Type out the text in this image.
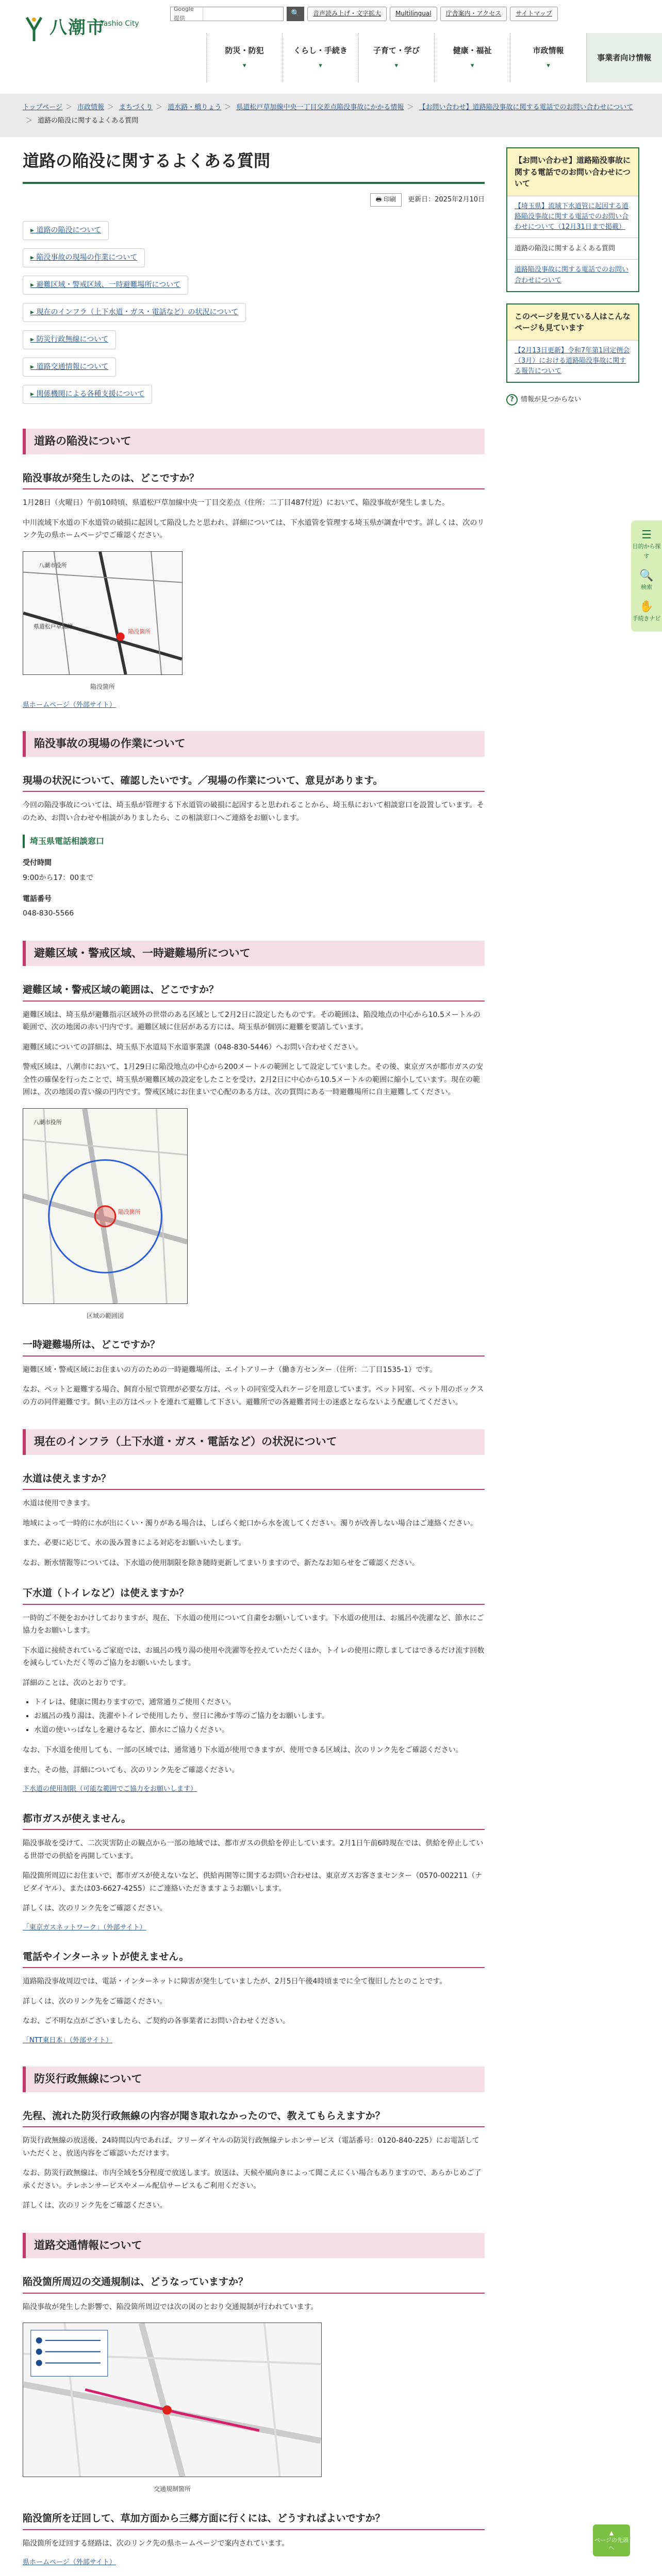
八潮市
Yashio City
Google 提供
🔍	音声読み上げ・文字拡大	Multilingual	庁舎案内・アクセス	サイトマップ
防災・防犯
▾
くらし・手続き
▾
子育て・学び
▾
健康・福祉
▾
市政情報
▾
事業者向け情報
トップページ ＞ 市政情報 ＞ まちづくり ＞ 道水路・橋りょう ＞ 県道松戸草加線中央一丁目交差点陥没事故にかかる情報 ＞ 【お問い合わせ】道路陥没事故に関する電話でのお問い合わせについて＞ 道路の陥没に関するよくある質問
道路の陥没に関するよくある質問
🖶 印刷 更新日：2025年2月10日
▸ 道路の陥没について
▸ 陥没事故の現場の作業について
▸ 避難区域・警戒区域、一時避難場所について
▸ 現在のインフラ（上下水道・ガス・電話など）の状況について
▸ 防災行政無線について
▸ 道路交通情報について
▸ 関係機関による各種支援について
道路の陥没について
陥没事故が発生したのは、どこですか？

1月28日（火曜日）午前10時頃、県道松戸草加線中央一丁目交差点（住所：二丁目487付近）において、陥没事故が発生しました。

中川流域下水道の下水道管の破損に起因して陥没したと思われ、詳細については、下水道管を管理する埼玉県が調査中です。詳しくは、次のリンク先の県ホームページでご確認ください。

八潮市役所
県道松戸草加線
陥没箇所
陥没箇所
県ホームページ（外部サイト）
陥没事故の現場の作業について
現場の状況について、確認したいです。／現場の作業について、意見があります。

今回の陥没事故については、埼玉県が管理する下水道管の破損に起因すると思われることから、埼玉県において相談窓口を設置しています。そのため、お問い合わせや相談がありましたら、この相談窓口へご連絡をお願いします。

埼玉県電話相談窓口
受付時間

9:00から17：00まで

電話番号

048-830-5566

避難区域・警戒区域、一時避難場所について
避難区域・警戒区域の範囲は、どこですか？

避難区域は、埼玉県が避難指示区域外の世帯のある区域として2月2日に設定したものです。その範囲は、陥没地点の中心から10.5メートルの範囲で、次の地図の赤い円内です。避難区域に住居がある方には、埼玉県が個別に避難を要請しています。

避難区域についての詳細は、埼玉県下水道局下水道事業課（048-830-5446）へお問い合わせください。

警戒区域は、八潮市において、1月29日に陥没地点の中心から200メートルの範囲として設定していました。その後、東京ガスが都市ガスの安全性の確保を行ったことで、埼玉県が避難区域の設定をしたことを受け、2月2日に中心から10.5メートルの範囲に縮小しています。現在の範囲は、次の地図の青い線の円内です。警戒区域にお住まいで心配のある方は、次の質問にある一時避難場所に自主避難してください。

八潮市役所
陥没箇所
区域の範囲図
一時避難場所は、どこですか？

避難区域・警戒区域にお住まいの方のための一時避難場所は、エイトアリーナ（働き方センター（住所：二丁目1535-1）です。

なお、ペットと避難する場合、飼育小屋で管理が必要な方は、ペットの同室受入れケージを用意しています。ペット同室、ペット用のボックスの方の同伴避難です。飼い主の方はペットを連れて避難して下さい。避難所での各避難者同士の迷惑とならないよう配慮してください。

現在のインフラ（上下水道・ガス・電話など）の状況について
水道は使えますか？

水道は使用できます。

地域によって一時的に水が出にくい・濁りがある場合は、しばらく蛇口から水を流してください。濁りが改善しない場合はご連絡ください。

また、必要に応じて、水の汲み置きによる対応をお願いいたします。

なお、断水情報等については、下水道の使用制限を除き随時更新してまいりますので、新たなお知らせをご確認ください。

下水道（トイレなど）は使えますか？

一時的ご不便をおかけしておりますが、現在、下水道の使用について自粛をお願いしています。下水道の使用は、お風呂や洗濯など、節水にご協力をお願いします。

下水道に接続されているご家庭では、お風呂の残り湯の使用や洗濯等を控えていただくほか、トイレの使用に際しましてはできるだけ流す回数を減らしていただく等のご協力をお願いいたします。

詳細のことは、次のとおりです。

• トイレは、健康に関わりますので、通常通りご使用ください。
• お風呂の残り湯は、洗濯やトイレで使用したり、翌日に沸かす等のご協力をお願いします。
• 水道の使いっぱなしを避けるなど、節水にご協力ください。

なお、下水道を使用しても、一部の区域では、通常通り下水道が使用できますが、使用できる区域は、次のリンク先をご確認ください。

また、その他、詳細についても、次のリンク先をご確認ください。

下水道の使用制限（可能な範囲でご協力をお願いします）
都市ガスが使えません。

陥没事故を受けて、二次災害防止の観点から一部の地域では、都市ガスの供給を停止しています。2月1日午前6時現在では、供給を停止している世帯での供給を再開しています。

陥没箇所周辺にお住まいで、都市ガスが使えないなど、供給再開等に関するお問い合わせは、東京ガスお客さまセンター（0570-002211（ナビダイヤル）、または03-6627-4255）にご連絡いただきますようお願いします。

詳しくは、次のリンク先をご確認ください。

「東京ガスネットワーク」（外部サイト）
電話やインターネットが使えません。

道路陥没事故周辺では、電話・インターネットに障害が発生していましたが、2月5日午後4時頃までに全て復旧したとのことです。

詳しくは、次のリンク先をご確認ください。

なお、ご不明な点がございましたら、ご契約の各事業者にお問い合わせください。

「NTT東日本」（外部サイト）
防災行政無線について
先程、流れた防災行政無線の内容が聞き取れなかったので、教えてもらえますか？

防災行政無線の放送後、24時間以内であれば、フリーダイヤルの防災行政無線テレホンサービス（電話番号：0120-840-225）にお電話していただくと、放送内容をご確認いただけます。

なお、防災行政無線は、市内全域を5分程度で放送します。放送は、天候や風向きによって聞こえにくい場合もありますので、あらかじめご了承ください。テレホンサービスやメール配信サービスもご利用ください。

詳しくは、次のリンク先をご確認ください。

道路交通情報について
陥没箇所周辺の交通規制は、どうなっていますか？

陥没事故が発生した影響で、陥没箇所周辺では次の図のとおり交通規制が行われています。

交通規制箇所
陥没箇所を迂回して、草加方面から三郷方面に行くには、どうすればよいですか？

陥没箇所を迂回する経路は、次のリンク先の県ホームページで案内されています。

県ホームページ（外部サイト）

【お問い合わせ】道路陥没事故に関する電話でのお問い合わせについて
【埼玉県】流域下水道管に起因する道路陥没事故に関する電話でのお問い合わせについて（12月31日まで掲載）
道路の陥没に関するよくある質問
道路陥没事故に関する電話でのお問い合わせについて
このページを見ている人はこんなページも見ています
【2月13日更新】令和7年第1回定例会（3月）における道路陥没事故に関する報告について
?	情報が見つからない
☰
目的から探す
🔍
検索
✋
手続きナビ
▲
ページの先頭へ
